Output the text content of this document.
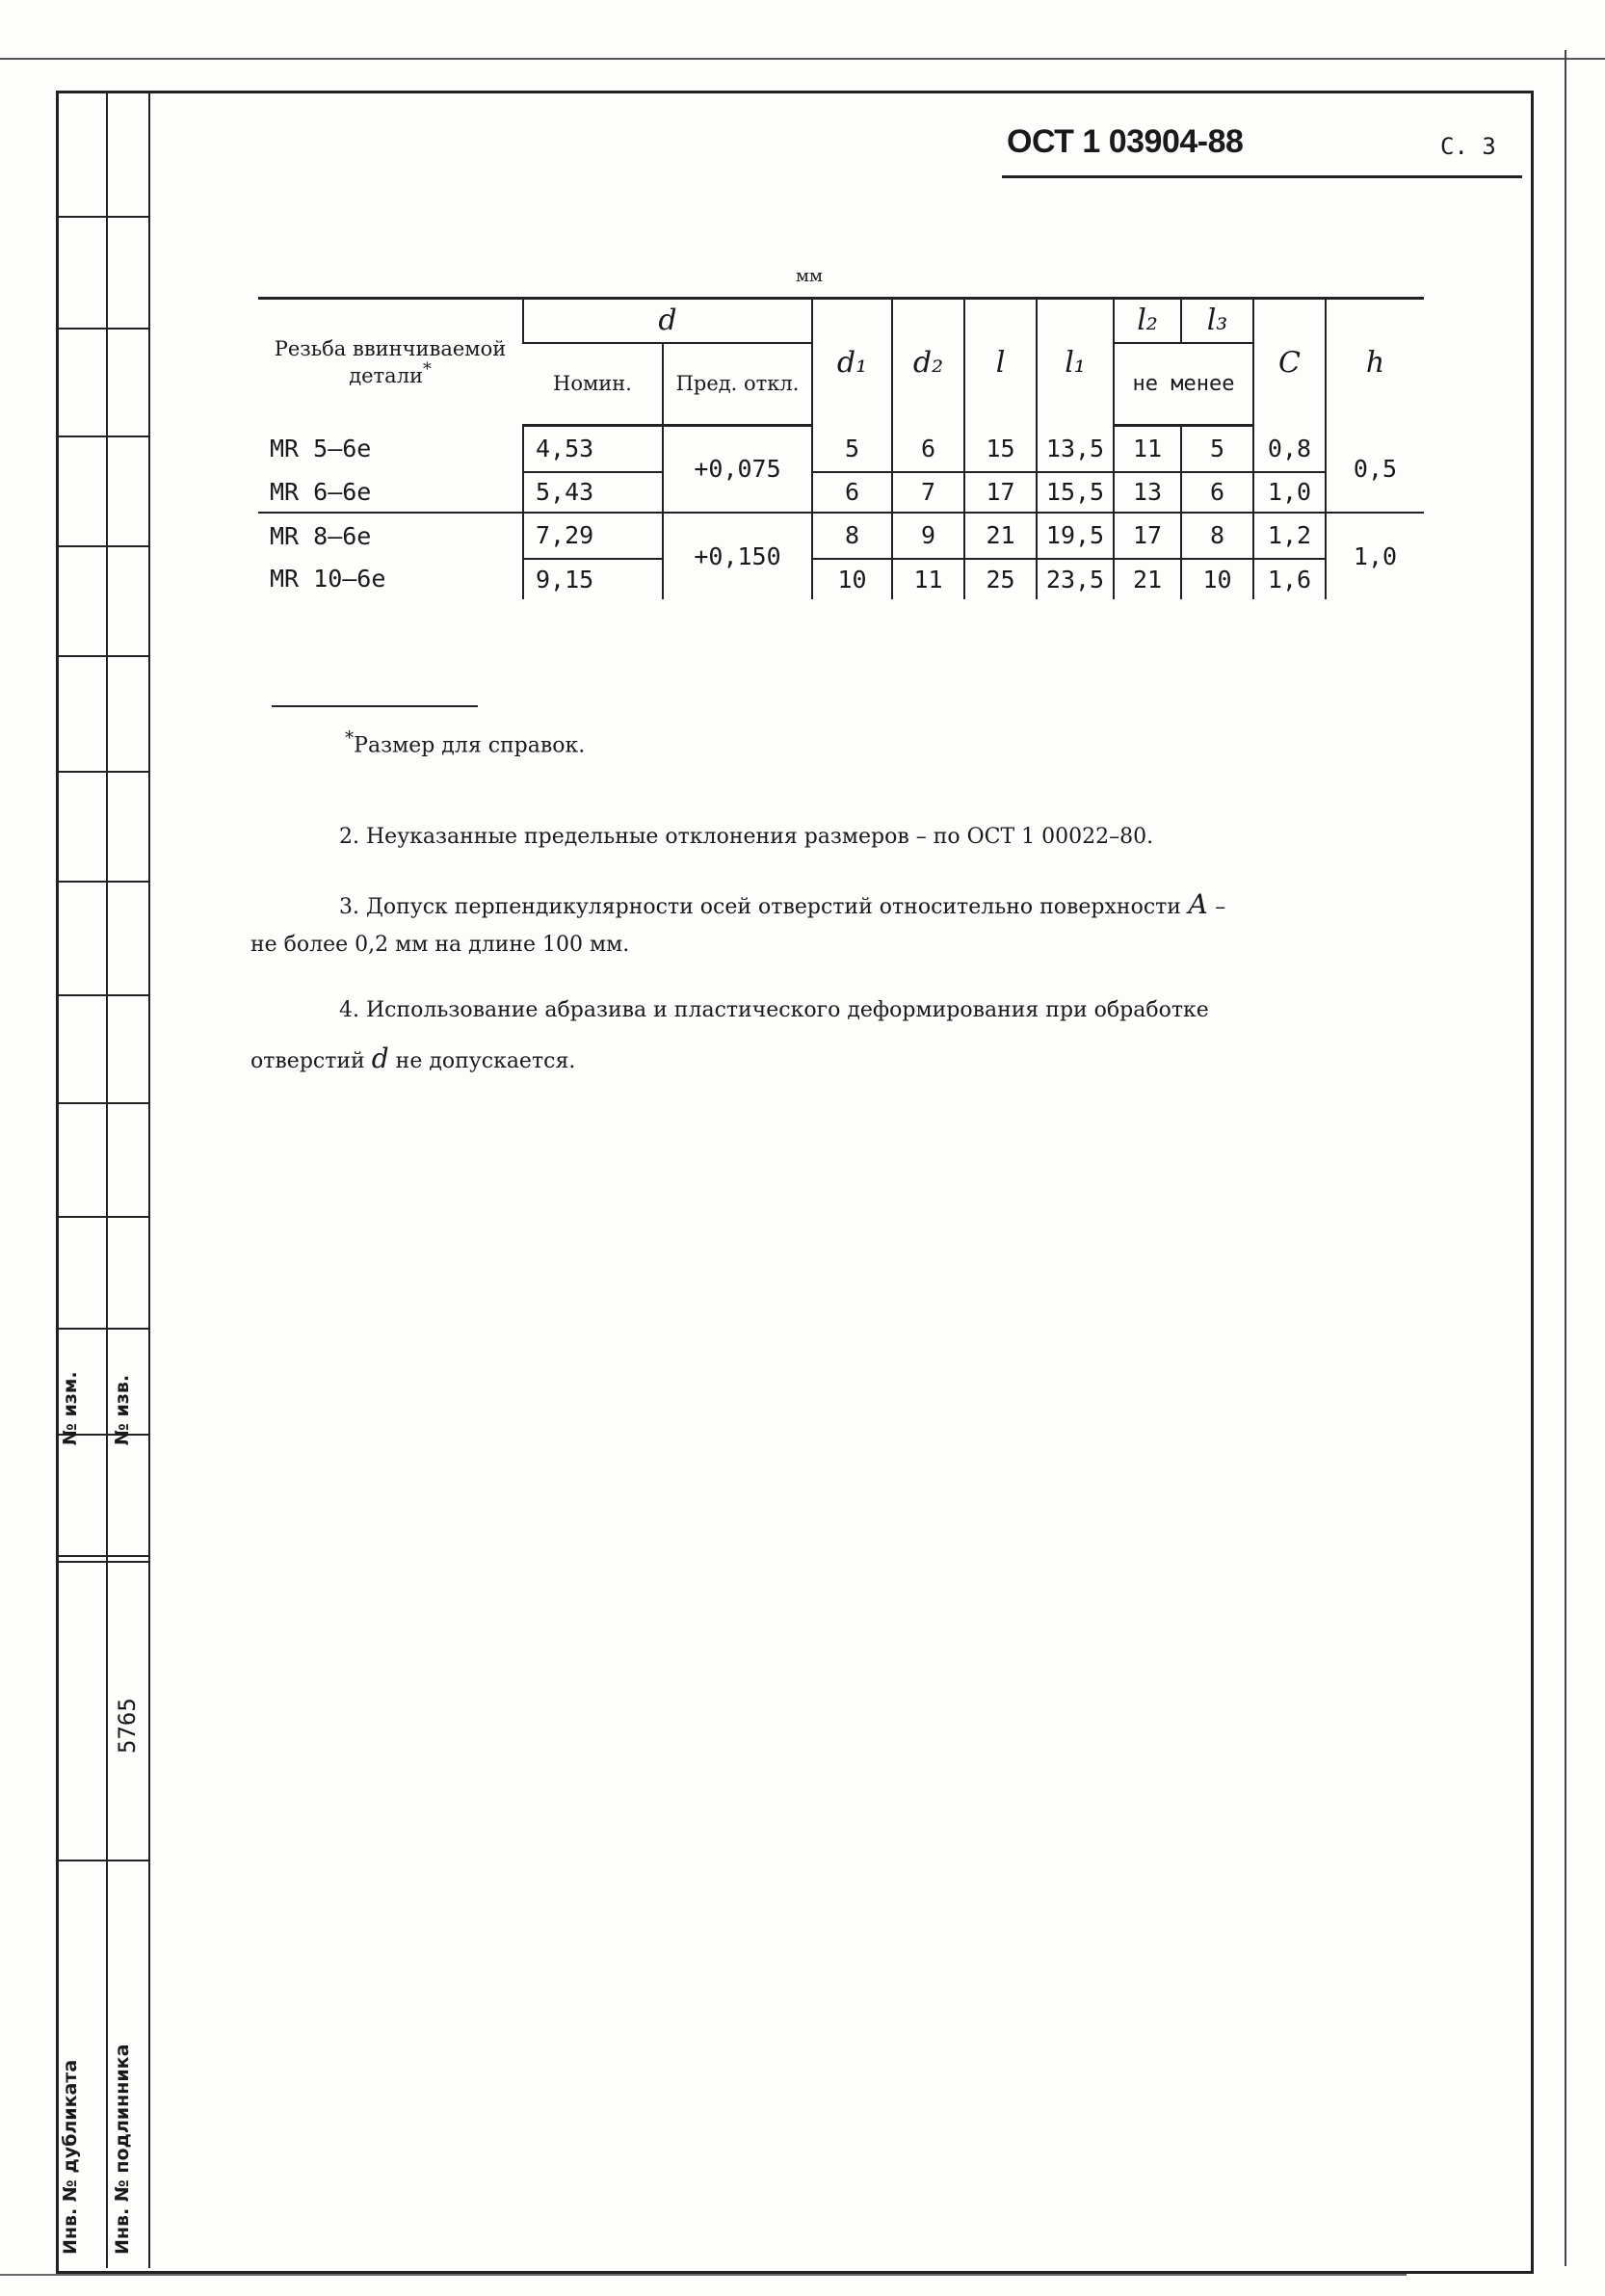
№ изм. № изв.
5765
Инв. № дубликата Инв. № подлинника
ОСТ 1 03904-88	С. 3
мм
Резьба ввинчиваемой детали*	d		d₁	d₂	l	l₁	l₂	l₃	С	h
	Номин.	Пред. откл.					не менее			
MR 5–6e	4,53	+0,075	5	6	15	13,5	11	5	0,8	0,5
MR 6–6e	5,43		6	7	17	15,5	13	6	1,0	
MR 8–6e	7,29	+0,150	8	9	21	19,5	17	8	1,2	1,0
MR 10–6e	9,15		10	11	25	23,5	21	10	1,6	
*Размер для справок.
2. Неуказанные предельные отклонения размеров – по ОСТ 1 00022–80.
3. Допуск перпендикулярности осей отверстий относительно поверхности А –
не более 0,2 мм на длине 100 мм.
4. Использование абразива и пластического деформирования при обработке
отверстий d не допускается.
